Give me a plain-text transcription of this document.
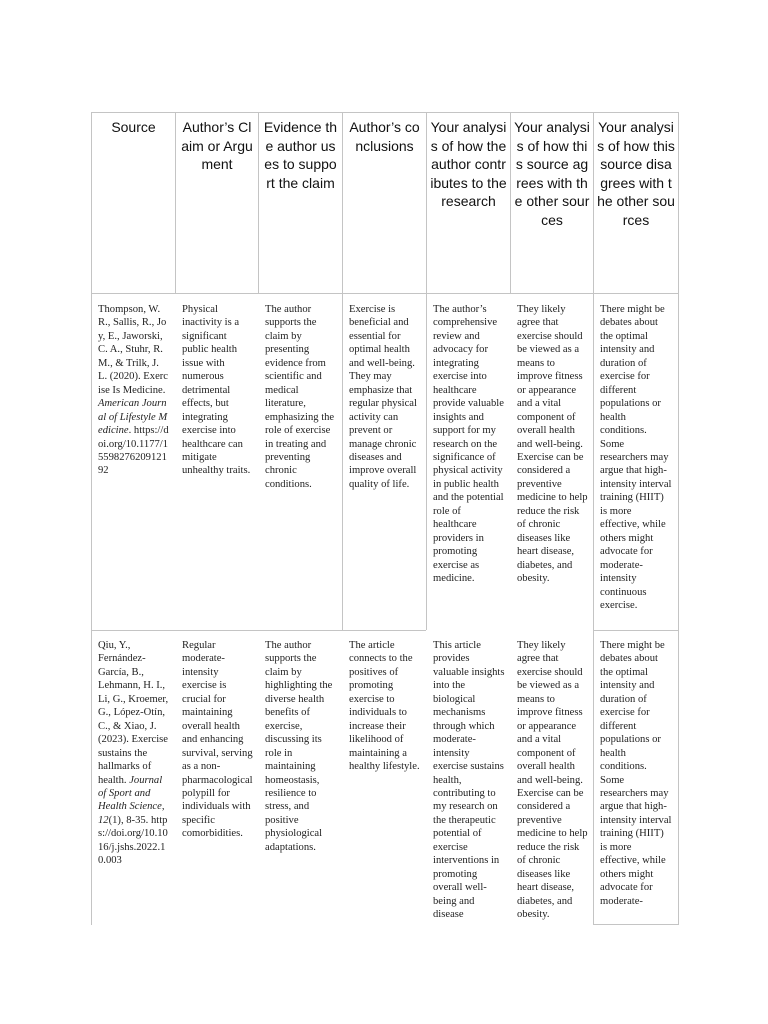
Source	Author’s Claim or Argument
Evidence the author uses to support the claim
Author’s conclusions
Your analysis of how the author contributes to the research
Your analysis of how this source agrees with the other sources
Your analysis of how this source disagrees with the other sources
Thompson, W. R., Sallis, R., Joy, E., Jaworski, C. A., Stuhr, R. M., & Trilk, J. L. (2020). Exercise Is Medicine. American Journal of Lifestyle Medicine. https://doi.org/10.1177/1559827620912192
Physical inactivity is a significant public health issue with numerous detrimental effects, but integrating exercise into healthcare can mitigate unhealthy traits.
The author supports the claim by presenting evidence from scientific and medical literature, emphasizing the role of exercise in treating and preventing chronic conditions.
Exercise is beneficial and essential for optimal health and well-being. They may emphasize that regular physical activity can prevent or manage chronic diseases and improve overall quality of life.
The author’s comprehensive review and advocacy for integrating exercise into healthcare provide valuable insights and support for my research on the significance of physical activity in public health and the potential role of healthcare providers in promoting exercise as medicine.
They likely agree that exercise should be viewed as a means to improve fitness or appearance and a vital component of overall health and well-being. Exercise can be considered a preventive medicine to help reduce the risk of chronic diseases like heart disease, diabetes, and obesity.
There might be debates about the optimal intensity and duration of exercise for different populations or health conditions. Some researchers may argue that high-intensity interval training (HIIT) is more effective, while others might advocate for moderate-intensity continuous exercise.
Qiu, Y., Fernández-García, B., Lehmann, H. I., Li, G., Kroemer, G., López-Otín, C., & Xiao, J. (2023). Exercise sustains the hallmarks of health. Journal of Sport and Health Science, 12(1), 8-35. https://doi.org/10.1016/j.jshs.2022.10.003
Regular moderate-intensity exercise is crucial for maintaining overall health and enhancing survival, serving as a non-pharmacological polypill for individuals with specific comorbidities.
The author supports the claim by highlighting the diverse health benefits of exercise, discussing its role in maintaining homeostasis, resilience to stress, and positive physiological adaptations.
The article connects to the positives of promoting exercise to individuals to increase their likelihood of maintaining a healthy lifestyle.
This article provides valuable insights into the biological mechanisms through which moderate-intensity exercise sustains health, contributing to my research on the therapeutic potential of exercise interventions in promoting overall well-being and disease
They likely agree that exercise should be viewed as a means to improve fitness or appearance and a vital component of overall health and well-being. Exercise can be considered a preventive medicine to help reduce the risk of chronic diseases like heart disease, diabetes, and obesity.
There might be debates about the optimal intensity and duration of exercise for different populations or health conditions. Some researchers may argue that high-intensity interval training (HIIT) is more effective, while others might advocate for moderate-
